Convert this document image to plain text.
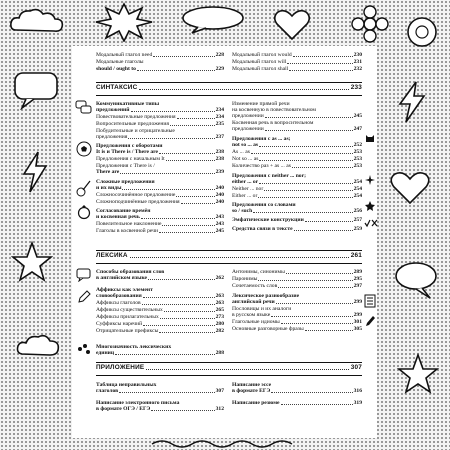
Модальный глагол need	228
Модальные глаголы
should / ought to	229
Модальный глагол would	230
Модальный глагол will	231
Модальный глагол shall	232
СИНТАКСИС	233
Коммуникативные типы
предложений	234
Повествовательные предложения	234
Вопросительные предложения	235
Побудительные и отрицательные
предложения	237
Предложения с оборотами
It is и There is / There are	238
Предложения с начальным It	238
Предложения с There is /
There are	239
Сложные предложения
и их виды	240
Сложносочинённое предложение	240
Сложноподчинённые предложения	240
Согласование времён
и косвенная речь	243
Повелительное наклонение	243
Глаголы в косвенной речи	245
Изменение прямой речи
на косвенную в повествовательном
предложении	245
Косвенная речь в вопросительном
предложении	247
Предложения с as ... as;
not so ... as	252
As ... as	253
Not so ... as	253
Количество раз + as ... as	253
Предложения с neither ... nor;
either ... or	254
Neither ... nor	254
Either ... or	254
Предложения со словами
so / such	256
Эмфатические конструкции	257
Средства связи в тексте	259
ЛЕКСИКА	261
Способы образования слов
в английском языке	262
Аффиксы как элемент
словообразования	263
Аффиксы глаголов	263
Аффиксы существительных	265
Аффиксы прилагательных	273
Суффиксы наречий	280
Отрицательные префиксы	282
Многозначность лексических
единиц	288
Антонимы, синонимы	289
Паронимы	295
Сочетаемость слов	297
Лексическое разнообразие
английской речи	299
Пословицы и их аналоги
в русском языке	299
Глагольные идиомы	301
Основные разговорные фразы	305
ПРИЛОЖЕНИЕ	307
Таблица неправильных
глаголов	307
Написание электронного письма
в формате ОГЭ / ЕГЭ	312
Написание эссе
в формате ЕГЭ	316
Написание резюме	319
